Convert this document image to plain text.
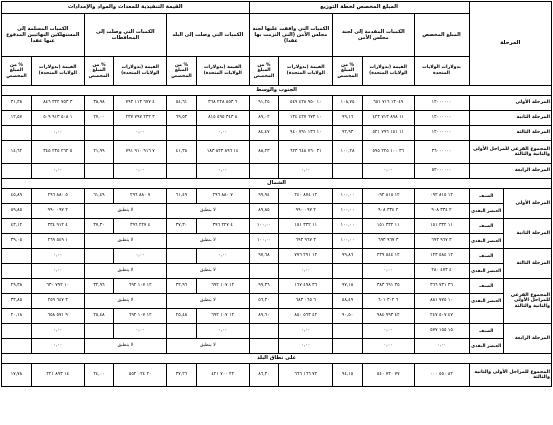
المرحلة		المبلغ المخصص لخطة التوزيع					القيمة التنفيذية للمعدات والمواد والإمدادات					
		المبلغ المخصص	الكميات المقدمة إلى لجنة مجلس الأمن		الكميات التي وافقت عليها لجنة مجلس الأمن (التي التزمت بها عقدا)		الكميات التي وصلت إلى البلد		الكميات التي وصلت إلى المحافظات		الكميات المسلمة إلى المستهلكين النهائيين المدفوع عنها عقدا	
		بدولارات الولايات المتحدة	القيمة (بدولارات الولايات المتحدة)	% من المبلغ المخصص	القيمة (بدولارات الولايات المتحدة)	% من المبلغ المخصص	القيمة (بدولارات الولايات المتحدة)	% من المبلغ المخصص	القيمة (بدولارات الولايات المتحدة)	% من المبلغ المخصص	القيمة (بدولارات الولايات المتحدة)	% من المبلغ المخصص
الجنوب والوسط												
المرحلة الأولى		١٢٠٠٠٠٠٠	١٣٠٤٩ ٧١٦ ٦٥١	١٠٨,٧٥	١٠ ٩٥٠ ٤٢٨ ٥٤٩	٩١,٢٥	٦ ٥٥٣ ٢٢٨ ٣٦٨	٥٤,٦١	٤ ٦٧٧ ١١٣ ٧٩٣	٣٨,٩٨	٣ ٧٥٣ ٣٢٢ ٨٤٦	٣١,٢٨
المرحلة الثانية		١٢٠٠٠٠٠٠	١١ ٨٩٨ ٧١٣ ٤٢٣	٩٩,١٦	١٠ ٦٧٣ ٤٢٧ ١٣٤	٨٩,٠٢	٨ ٣٤٣ ٥٩٥ ٨١٥	٦٩,٥٣	٣ ٢٣٢ ٧٩٧ ٢٣٧	٢٧,٠٠	١ ٥٠٨ ٩١٣ ٥٠٩	١٢,٥٧
المرحلة الثالثة		١٢٠٠٠٠٠٠	١١ ١٥١ ٧٩٦ ٥٢١	٩٢,٩٣	١٠ ١٣٦ ٧٩١ ٩٤٠	٨٤,٤٧	٠,٠٠		٠,٠٠		٠,٠٠	
المجموع الفرعي للمراحل الأولى والثانية والثالثة		٣٦٠٠٠٠٠٠	٣٦ ١٠٠ ٢٢٥ ٥٩٥	١٠٠,٢٨	٣١ ٧٦٠ ٦٤٨ ٦٢٣	٨٨,٢٣	١٤ ٨٩٦ ٨٢٣ ١٨٣	٤١,٣٨	٧ ٩١٦ ٩١٠ ٧٩١	٢١,٩٩	٥ ٢٦٢ ٢٣٥ ٣٤٥	١٤,٦٢
المرحلة الرابعة		٥٢٠٠٠٠٠٠	٠,٠٠		٠,٠٠		٠,٠٠		٠,٠٠		٠,٠٠	
الشمال												
المرحلة الأولى	الصنف	١٢ ٨١٥ ٠٩٢	١٢ ٨١٥ ٠٩٢	١٠٠,٠٠	١٢ ٨٧٤ ٢٤٠	٩٩,٩٤	٧ ٨٨٠ ٢٩٦	٦١,٤٩	٧ ٨٨٠ ٢٩٦	٦١,٤٩	٥ ٨٨٠ ٢٩٦	٤٥,٨٩
	العنصر النقدي	٢ ٣٣٤ ٩٠٨	٢ ٣٣٤ ٩٠٨	١٠٠,٠٠	٢ ٠٩٧ ٩٩٠	٨٩,٨٥	لا ينطبق		لا ينطبق		٢ ٠٩٧ ٩٩٠	٨٩,٨٥
المرحلة الثانية	الصنف	١١ ٣٣٢ ١٥١	١١ ٣٣٢ ١٥١	١٠٠,٠٠	١١ ٣٣٢ ١٥١	١٠٠,٠٠	٤ ٢٢٧ ٣٩٦	٣٧,٣٠	٤ ٢٢٧ ٣٩٦	٣٧,٣٠	٤ ٩١٢ ٣٣٤	٤٣,١٢
	العنصر النقدي	٣ ٩٦٧ ٦٩٣	٣ ٩٦٧ ٦٩٣	١٠٠,٠٠	٣ ٩٦٧ ٦٩٣	١٠٠,٠٠	لا ينطبق		لا ينطبق		١ ٥٤٩ ٢٦٩	٣٩,٠٥
المرحلة الثالثة	الصنف	١٢ ٥٨٤ ١٢٣	١٢ ٥٤٤ ٢٣٩	٩٩,٨٦	١٢ ٢٩١ ٧٧٦	٩٧,٦٨	٠,٠٠		٠,٠٠		٠,٠٠	
	العنصر النقدي	٤ ٤٧٣ ٢٨٠	٠,٠٠		٠,٠٠		لا ينطبق		لا ينطبق		٠,٠٠	
المجموع الفرعي للمراحل الأولى والثانية والثالثة	الصنف	٣٦ ٧٣١ ٣٦٦	٣٥ ٦٩١ ٣٨٣	٩٧,١٨	٣٦ ٤٩٨ ١٦٧	٩٩,٣٦	١٢ ١٠٧ ٦٩٢	٣٢,٩٦	١٢ ١٠٧ ٦٩٢	٣٢,٩٦	١٠ ٧٩٢ ٦٣٠	٢٩,٣٨
	العنصر النقدي	١٠ ٧٧٥ ٨٨١	٦ ٣٠٢ ٦٠١	٥٨,٤٩	٦ ٠٦٥ ٦٨٣	٥٦,٣٠	لا ينطبق		لا ينطبق		٣ ٦٤٧ ٢٥٩	٣٣,٨٥
		٤٧ ٥٠٧ ٢٤٧	٤٢ ٩٩٣ ٩٨٤	٩٠,٥٠	٤٢ ٥٦٣ ٨٥٠	٨٩,٦٠	١٢ ١٠٧ ٦٩٢	٢٥,٤٨	١٢ ١٠٧ ٦٩٢	٢٥,٤٨	٩ ٥٧١ ٦٥٨	٢٠,١٨
المرحلة الرابعة	الصنف	١٥ ١٥٥ ٥٧٧	٠,٠٠		٠,٠٠		٠,٠٠		٠,٠٠		٠,٠٠	
	العنصر النقدي	٠,٠٠	٠,٠٠		٠,٠٠		لا ينطبق		لا ينطبق		٠,٠٠	
على نطاق البلد												
المجموع للمراحل الأولى والثانية والثالثة		٨٢ ٥٥٠ ٠٠٠	٧٧ ٧٣٠ ٥٤٠	٩٤,١٥	٧٢ ١٦٦ ٦٦٦	٨٦,٣٠	٢٢ ٧٠٠ ٤٢١	٣٧,٢٦	٢٠ ٠٢٤ ٥٥٢	٢٤,٠٠	١٤ ٨٩٣ ٢٢١	١٧,٧٨
